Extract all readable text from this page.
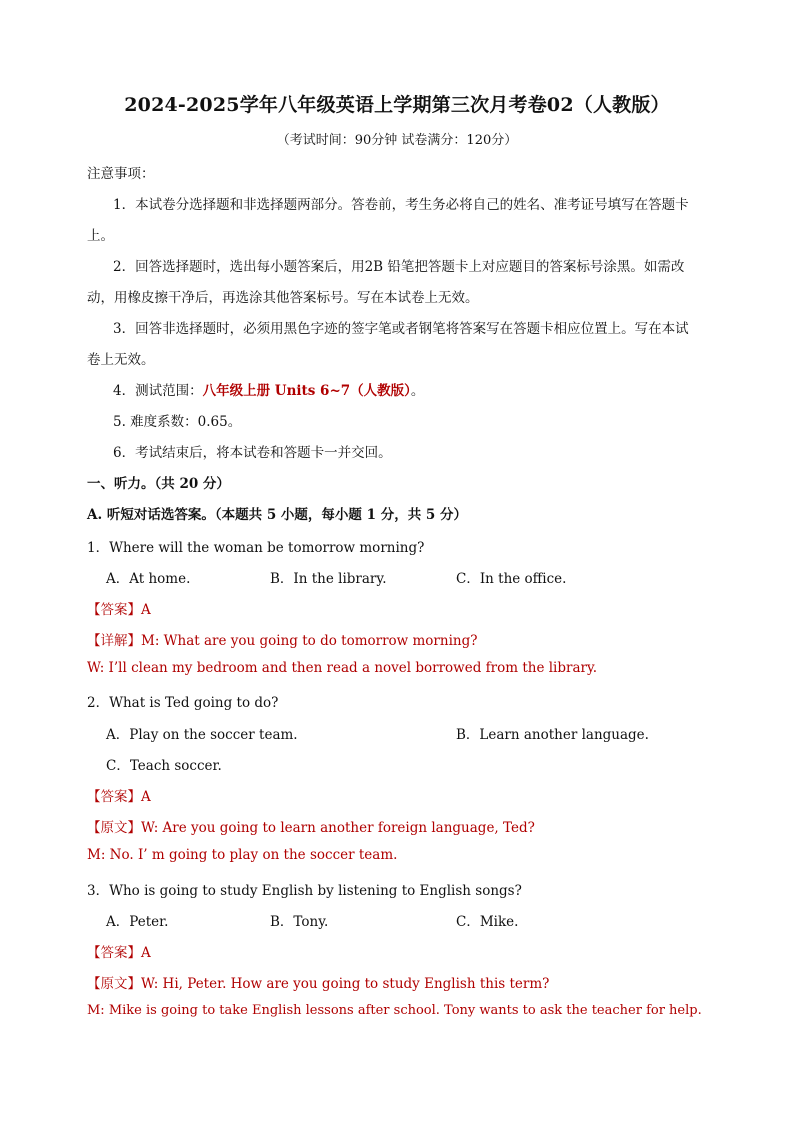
2024-2025学年八年级英语上学期第三次月考卷02（人教版）
（考试时间：90分钟 试卷满分：120分）
注意事项：
1．本试卷分选择题和非选择题两部分。答卷前，考生务必将自己的姓名、准考证号填写在答题卡
上。
2．回答选择题时，选出每小题答案后，用2B 铅笔把答题卡上对应题目的答案标号涂黑。如需改
动，用橡皮擦干净后，再选涂其他答案标号。写在本试卷上无效。
3．回答非选择题时，必须用黑色字迹的签字笔或者钢笔将答案写在答题卡相应位置上。写在本试
卷上无效。
4．测试范围：八年级上册 Units 6~7（人教版）。
5. 难度系数：0.65。
6．考试结束后，将本试卷和答题卡一并交回。
一、听力。（共 20 分）
A. 听短对话选答案。（本题共 5 小题，每小题 1 分，共 5 分）
1．Where will the woman be tomorrow morning?
A．At home.	B．In the library.	C．In the office.
【答案】A
【详解】M: What are you going to do tomorrow morning?
W: I’ll clean my bedroom and then read a novel borrowed from the library.
2．What is Ted going to do?
A．Play on the soccer team.	B．Learn another language.
C．Teach soccer.
【答案】A
【原文】W: Are you going to learn another foreign language, Ted?
M: No. I’ m going to play on the soccer team.
3．Who is going to study English by listening to English songs?
A．Peter.	B．Tony.	C．Mike.
【答案】A
【原文】W: Hi, Peter. How are you going to study English this term?
M: Mike is going to take English lessons after school. Tony wants to ask the teacher for help.
